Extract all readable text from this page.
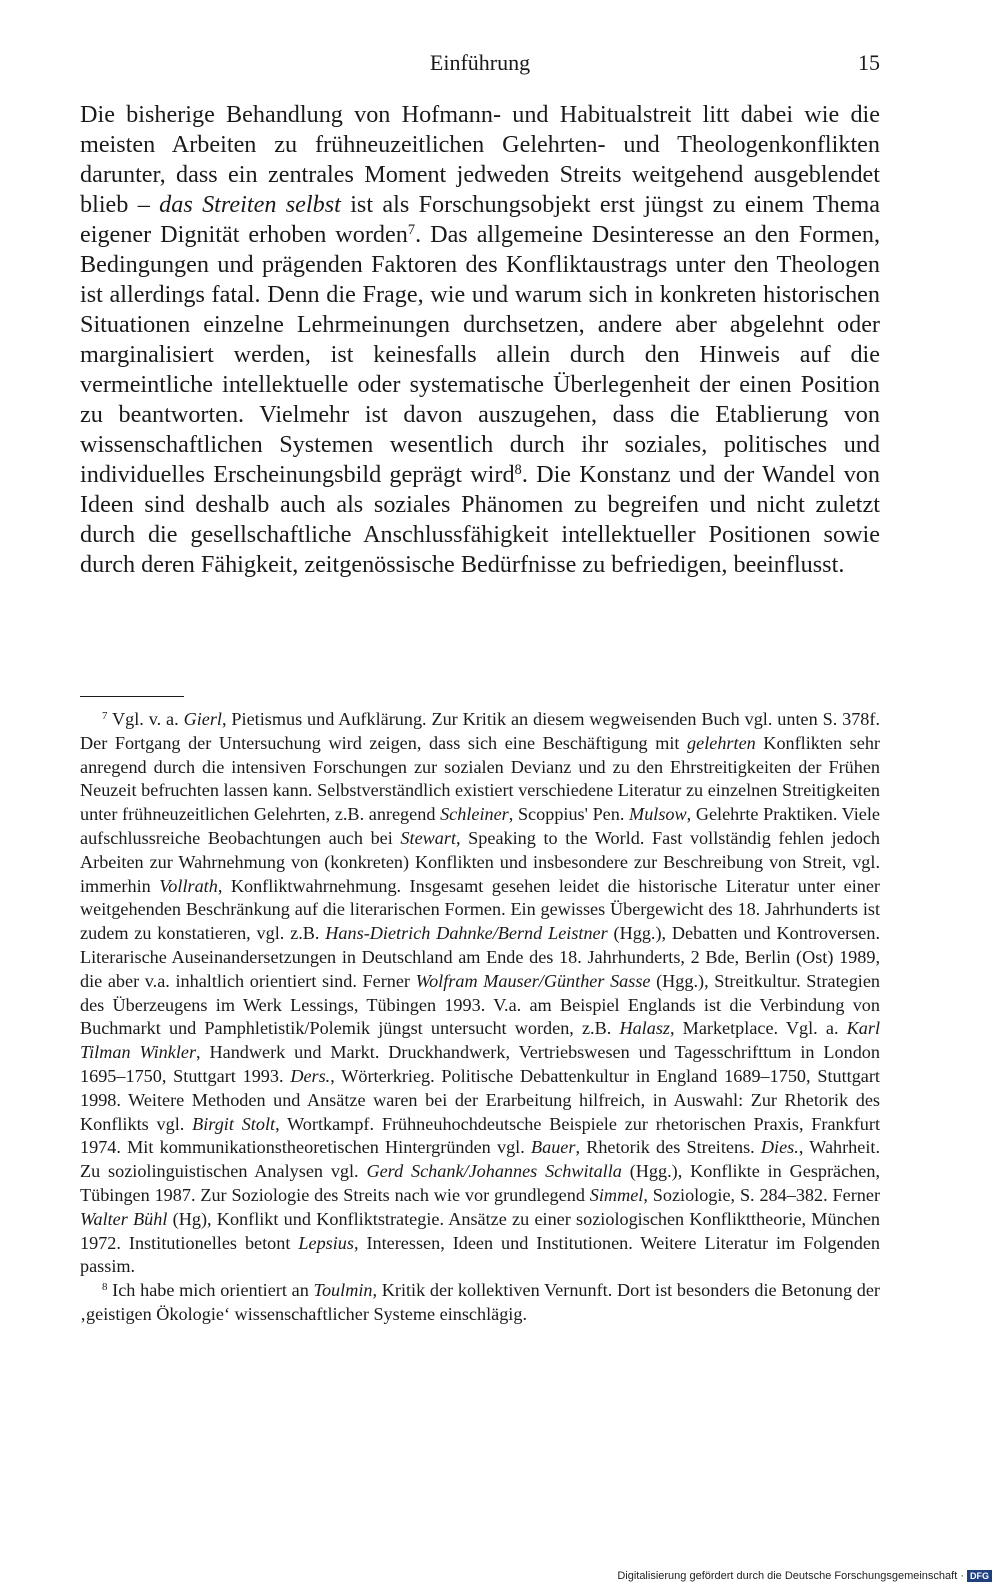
Einführung	15

Die bisherige Behandlung von Hofmann- und Habitualstreit litt dabei wie die meisten Arbeiten zu frühneuzeitlichen Gelehrten- und Theologenkonflikten darunter, dass ein zentrales Moment jedweden Streits weitgehend ausgeblendet blieb – das Streiten selbst ist als Forschungsobjekt erst jüngst zu einem Thema eigener Dignität erhoben worden$^7$. Das allgemeine Desinteresse an den Formen, Bedingungen und prägenden Faktoren des Konfliktaustrags unter den Theologen ist allerdings fatal. Denn die Frage, wie und warum sich in konkreten historischen Situationen einzelne Lehrmeinungen durchsetzen, andere aber abgelehnt oder marginalisiert werden, ist keinesfalls allein durch den Hinweis auf die vermeintliche intellektuelle oder systematische Überlegenheit der einen Position zu beantworten. Vielmehr ist davon auszugehen, dass die Etablierung von wissenschaftlichen Systemen wesentlich durch ihr soziales, politisches und individuelles Erscheinungsbild geprägt wird$^8$. Die Konstanz und der Wandel von Ideen sind deshalb auch als soziales Phänomen zu begreifen und nicht zuletzt durch die gesellschaftliche Anschlussfähigkeit intellektueller Positionen sowie durch deren Fähigkeit, zeitgenössische Bedürfnisse zu befriedigen, beeinflusst.

$^7$ Vgl. v. a. Gierl, Pietismus und Aufklärung. Zur Kritik an diesem wegweisenden Buch vgl. unten S. 378f. Der Fortgang der Untersuchung wird zeigen, dass sich eine Beschäftigung mit gelehrten Konflikten sehr anregend durch die intensiven Forschungen zur sozialen Devianz und zu den Ehrstreitigkeiten der Frühen Neuzeit befruchten lassen kann. Selbstverständlich existiert verschiedene Literatur zu einzelnen Streitigkeiten unter frühneuzeitlichen Gelehrten, z.B. anregend Schleiner, Scoppius' Pen. Mulsow, Gelehrte Praktiken. Viele aufschlussreiche Beobachtungen auch bei Stewart, Speaking to the World. Fast vollständig fehlen jedoch Arbeiten zur Wahrnehmung von (konkreten) Konflikten und insbesondere zur Beschreibung von Streit, vgl. immerhin Vollrath, Konfliktwahrnehmung. Insgesamt gesehen leidet die historische Literatur unter einer weitgehenden Beschränkung auf die literarischen Formen. Ein gewisses Übergewicht des 18. Jahrhunderts ist zudem zu konstatieren, vgl. z.B. Hans-Dietrich Dahnke/Bernd Leistner (Hgg.), Debatten und Kontroversen. Literarische Auseinandersetzungen in Deutschland am Ende des 18. Jahrhunderts, 2 Bde, Berlin (Ost) 1989, die aber v.a. inhaltlich orientiert sind. Ferner Wolfram Mauser/Günther Sasse (Hgg.), Streitkultur. Strategien des Überzeugens im Werk Lessings, Tübingen 1993. V.a. am Beispiel Englands ist die Verbindung von Buchmarkt und Pamphletistik/Polemik jüngst untersucht worden, z.B. Halasz, Marketplace. Vgl. a. Karl Tilman Winkler, Handwerk und Markt. Druckhandwerk, Vertriebswesen und Tagesschrifttum in London 1695–1750, Stuttgart 1993. Ders., Wörterkrieg. Politische Debattenkultur in England 1689–1750, Stuttgart 1998. Weitere Methoden und Ansätze waren bei der Erarbeitung hilfreich, in Auswahl: Zur Rhetorik des Konflikts vgl. Birgit Stolt, Wortkampf. Frühneuhochdeutsche Beispiele zur rhetorischen Praxis, Frankfurt 1974. Mit kommunikationstheoretischen Hintergründen vgl. Bauer, Rhetorik des Streitens. Dies., Wahrheit. Zu soziolinguistischen Analysen vgl. Gerd Schank/Johannes Schwitalla (Hgg.), Konflikte in Gesprächen, Tübingen 1987. Zur Soziologie des Streits nach wie vor grundlegend Simmel, Soziologie, S. 284–382. Ferner Walter Bühl (Hg), Konflikt und Konfliktstrategie. Ansätze zu einer soziologischen Konflikttheorie, München 1972. Institutionelles betont Lepsius, Interessen, Ideen und Institutionen. Weitere Literatur im Folgenden passim.

$^8$ Ich habe mich orientiert an Toulmin, Kritik der kollektiven Vernunft. Dort ist besonders die Betonung der ‚geistigen Ökologie‘ wissenschaftlicher Systeme einschlägig.

Digitalisierung gefördert durch die Deutsche Forschungsgemeinschaft · DFG
